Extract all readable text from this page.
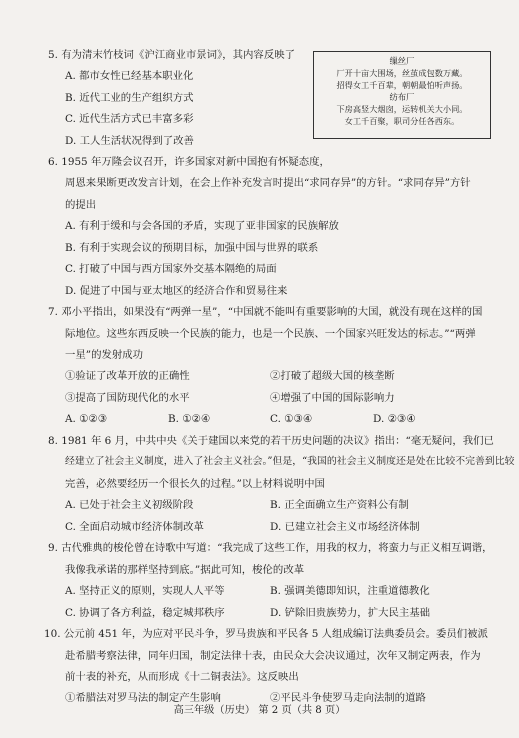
5. 有为清末竹枝词《沪江商业市景词》，其内容反映了
A. 都市女性已经基本职业化
B. 近代工业的生产组织方式
C. 近代生活方式已丰富多彩
D. 工人生活状况得到了改善
缫丝厂
厂开十亩大围场，丝茧成包数万藏。
招得女工千百辈，朝朝最怕听声扬。
纺布厂
下房高竖大烟囱，运转机关大小同。
女工千百聚，职司分任各西东。
6. 1955 年万隆会议召开，许多国家对新中国抱有怀疑态度，
周恩来果断更改发言计划，在会上作补充发言时提出“求同存异”的方针。“求同存异”方针
的提出
A. 有利于缓和与会各国的矛盾，实现了亚非国家的民族解放
B. 有利于实现会议的预期目标，加强中国与世界的联系
C. 打破了中国与西方国家外交基本隔绝的局面
D. 促进了中国与亚太地区的经济合作和贸易往来
7. 邓小平指出，如果没有“两弹一星”，“中国就不能叫有重要影响的大国，就没有现在这样的国
际地位。这些东西反映一个民族的能力，也是一个民族、一个国家兴旺发达的标志。”“两弹
一星”的发射成功
①验证了改革开放的正确性	②打破了超级大国的核垄断
③提高了国防现代化的水平	④增强了中国的国际影响力
A. ①②③	B. ①②④	C. ①③④	D. ②③④
8. 1981 年 6 月，中共中央《关于建国以来党的若干历史问题的决议》指出：“毫无疑问，我们已
经建立了社会主义制度，进入了社会主义社会。”但是，“我国的社会主义制度还是处在比较不完善到比较
完善，必然要经历一个很长久的过程。”以上材料说明中国
A. 已处于社会主义初级阶段	B. 正全面确立生产资料公有制
C. 全面启动城市经济体制改革	D. 已建立社会主义市场经济体制
9. 古代雅典的梭伦曾在诗歌中写道：“我完成了这些工作，用我的权力，将蛮力与正义相互调谐，
我像我承诺的那样坚持到底。”据此可知，梭伦的改革
A. 坚持正义的原则，实现人人平等	B. 强调美德即知识，注重道德教化
C. 协调了各方利益，稳定城邦秩序	D. 铲除旧贵族势力，扩大民主基础
10. 公元前 451 年，为应对平民斗争，罗马贵族和平民各 5 人组成编订法典委员会。委员们被派
赴希腊考察法律，同年归国，制定法律十表，由民众大会决议通过，次年又制定两表，作为
前十表的补充，从而形成《十二铜表法》。这反映出
①希腊法对罗马法的制定产生影响	②平民斗争使罗马走向法制的道路
高三年级（历史） 第 2 页（共 8 页）
